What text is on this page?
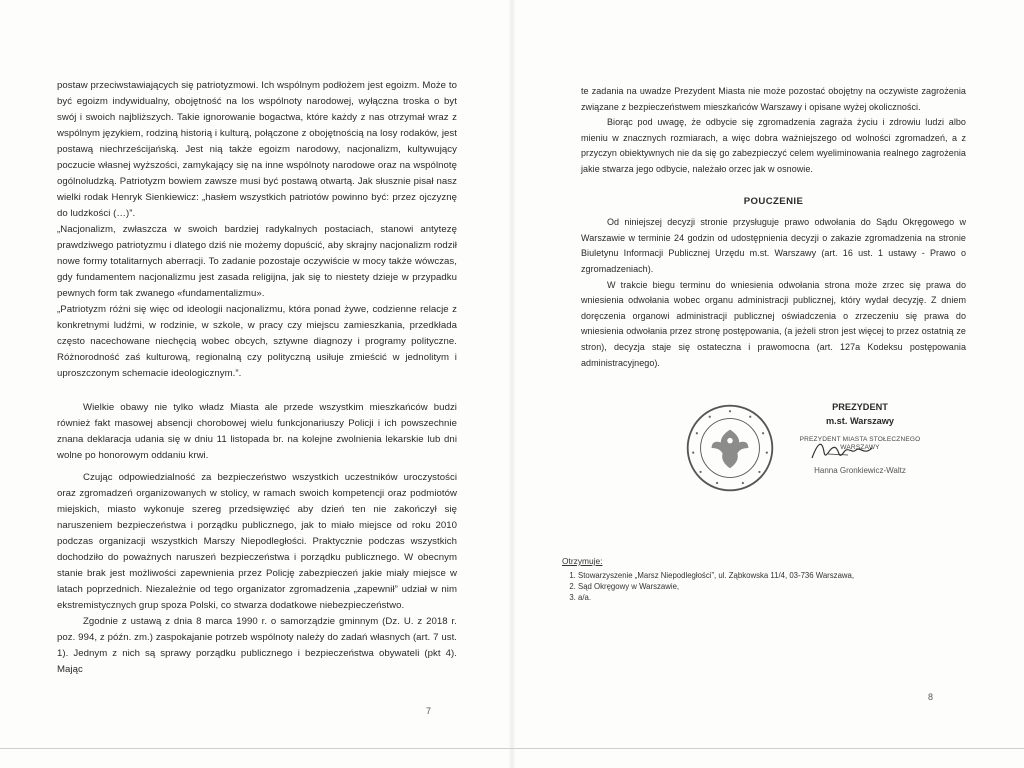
postaw przeciwstawiających się patriotyzmowi. Ich wspólnym podłożem jest egoizm. Może to być egoizm indywidualny, obojętność na los wspólnoty narodowej, wyłączna troska o byt swój i swoich najbliższych. Takie ignorowanie bogactwa, które każdy z nas otrzymał wraz z wspólnym językiem, rodziną historią i kulturą, połączone z obojętnością na losy rodaków, jest postawą niechrześcijańską. Jest nią także egoizm narodowy, nacjonalizm, kultywujący poczucie własnej wyższości, zamykający się na inne wspólnoty narodowe oraz na wspólnotę ogólnoludzką. Patriotyzm bowiem zawsze musi być postawą otwartą. Jak słusznie pisał nasz wielki rodak Henryk Sienkiewicz: „hasłem wszystkich patriotów powinno być: przez ojczyznę do ludzkości (…)”.

„Nacjonalizm, zwłaszcza w swoich bardziej radykalnych postaciach, stanowi antytezę prawdziwego patriotyzmu i dlatego dziś nie możemy dopuścić, aby skrajny nacjonalizm rodził nowe formy totalitarnych aberracji. To zadanie pozostaje oczywiście w mocy także wówczas, gdy fundamentem nacjonalizmu jest zasada religijna, jak się to niestety dzieje w przypadku pewnych form tak zwanego «fundamentalizmu».

„Patriotyzm różni się więc od ideologii nacjonalizmu, która ponad żywe, codzienne relacje z konkretnymi ludźmi, w rodzinie, w szkole, w pracy czy miejscu zamieszkania, przedkłada często nacechowane niechęcią wobec obcych, sztywne diagnozy i programy polityczne. Różnorodność zaś kulturową, regionalną czy polityczną usiłuje zmieścić w jednolitym i uproszczonym schemacie ideologicznym.”.

Wielkie obawy nie tylko władz Miasta ale przede wszystkim mieszkańców budzi również fakt masowej absencji chorobowej wielu funkcjonariuszy Policji i ich powszechnie znana deklaracja udania się w dniu 11 listopada br. na kolejne zwolnienia lekarskie lub dni wolne po honorowym oddaniu krwi.

Czując odpowiedzialność za bezpieczeństwo wszystkich uczestników uroczystości oraz zgromadzeń organizowanych w stolicy, w ramach swoich kompetencji oraz podmiotów miejskich, miasto wykonuje szereg przedsięwzięć aby dzień ten nie zakończył się naruszeniem bezpieczeństwa i porządku publicznego, jak to miało miejsce od roku 2010 podczas organizacji wszystkich Marszy Niepodległości. Praktycznie podczas wszystkich dochodziło do poważnych naruszeń bezpieczeństwa i porządku publicznego. W obecnym stanie brak jest możliwości zapewnienia przez Policję zabezpieczeń jakie miały miejsce w latach poprzednich. Niezależnie od tego organizator zgromadzenia „zapewnił” udział w nim ekstremistycznych grup spoza Polski, co stwarza dodatkowe niebezpieczeństwo.

Zgodnie z ustawą z dnia 8 marca 1990 r. o samorządzie gminnym (Dz. U. z 2018 r. poz. 994, z późn. zm.) zaspokajanie potrzeb wspólnoty należy do zadań własnych (art. 7 ust. 1). Jednym z nich są sprawy porządku publicznego i bezpieczeństwa obywateli (pkt 4). Mając

7

te zadania na uwadze Prezydent Miasta nie może pozostać obojętny na oczywiste zagrożenia związane z bezpieczeństwem mieszkańców Warszawy i opisane wyżej okoliczności.

Biorąc pod uwagę, że odbycie się zgromadzenia zagraża życiu i zdrowiu ludzi albo mieniu w znacznych rozmiarach, a więc dobra ważniejszego od wolności zgromadzeń, a z przyczyn obiektywnych nie da się go zabezpieczyć celem wyeliminowania realnego zagrożenia jakie stwarza jego odbycie, należało orzec jak w osnowie.

POUCZENIE

Od niniejszej decyzji stronie przysługuje prawo odwołania do Sądu Okręgowego w Warszawie w terminie 24 godzin od udostępnienia decyzji o zakazie zgromadzenia na stronie Biuletynu Informacji Publicznej Urzędu m.st. Warszawy (art. 16 ust. 1 ustawy - Prawo o zgromadzeniach).

W trakcie biegu terminu do wniesienia odwołania strona może zrzec się prawa do wniesienia odwołania wobec organu administracji publicznej, który wydał decyzję. Z dniem doręczenia organowi administracji publicznej oświadczenia o zrzeczeniu się prawa do wniesienia odwołania przez stronę postępowania, (a jeżeli stron jest więcej to przez ostatnią ze stron), decyzja staje się ostateczna i prawomocna (art. 127a Kodeksu postępowania administracyjnego).

PREZYDENT
m.st. Warszawy
PREZYDENT MIASTA STOŁECZNEGO WARSZAWY
Hanna Gronkiewicz-Waltz
Otrzymuje:
1. Stowarzyszenie „Marsz Niepodległości”, ul. Ząbkowska 11/4, 03-736 Warszawa,
2. Sąd Okręgowy w Warszawie,
3. a/a.
8
